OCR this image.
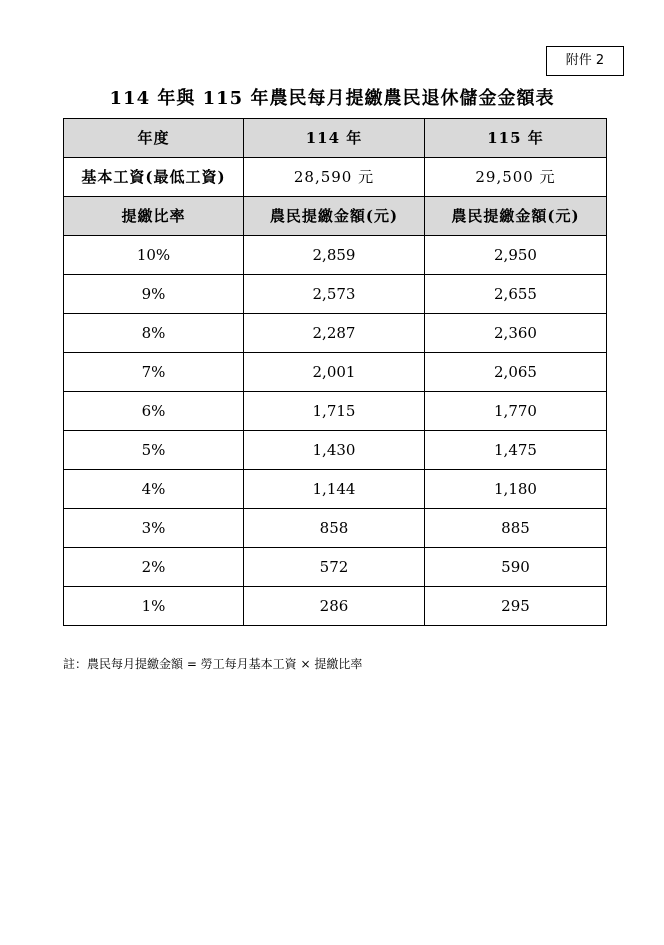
附件 2
114 年與 115 年農民每月提繳農民退休儲金金額表
年度	114 年	115 年
基本工資(最低工資)	28,590 元	29,500 元
提繳比率	農民提繳金額(元)	農民提繳金額(元)
10%	2,859	2,950
9%	2,573	2,655
8%	2,287	2,360
7%	2,001	2,065
6%	1,715	1,770
5%	1,430	1,475
4%	1,144	1,180
3%	858	885
2%	572	590
1%	286	295
註：農民每月提繳金額 = 勞工每月基本工資 × 提繳比率
